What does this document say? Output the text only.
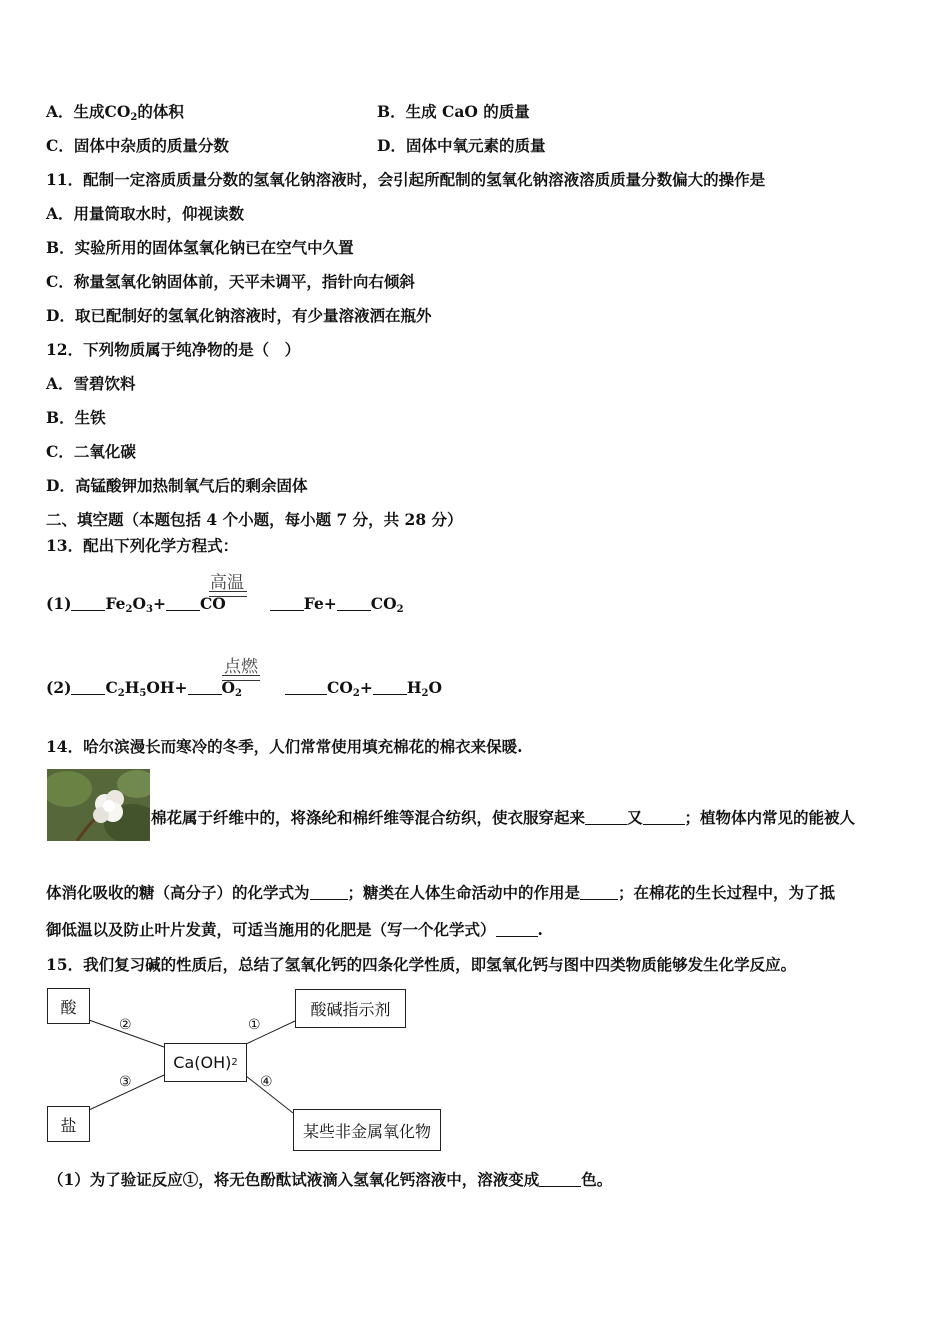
A．生成$CO_2$的体积	B．生成 CaO 的质量
C．固体中杂质的质量分数	D．固体中氧元素的质量
11．配制一定溶质质量分数的氢氧化钠溶液时，会引起所配制的氢氧化钠溶液溶质质量分数偏大的操作是
A．用量筒取水时，仰视读数
B．实验所用的固体氢氧化钠已在空气中久置
C．称量氢氧化钠固体前，天平未调平，指针向右倾斜
D．取已配制好的氢氧化钠溶液时，有少量溶液洒在瓶外
12．下列物质属于纯净物的是（　）
A．雪碧饮料
B．生铁
C．二氧化碳
D．高锰酸钾加热制氧气后的剩余固体
二、填空题（本题包括 4 个小题，每小题 7 分，共 28 分）
13．配出下列化学方程式：
高温
(1) $Fe_2O_3+$ CO	$Fe+ CO_2$
点燃
(2) $C_2H_5OH+ O_2$	$CO_2+ H_2O$
14．哈尔滨漫长而寒冷的冬季，人们常常使用填充棉花的棉衣来保暖.
棉花属于纤维中的，将涤纶和棉纤维等混合纺织，使衣服穿起来	又	；植物体内常见的能被人
体消化吸收的糖（高分子）的化学式为 ；糖类在人体生命活动中的作用是 ；在棉花的生长过程中，为了抵
御低温以及防止叶片发黄，可适当施用的化肥是（写一个化学式）	.
15．我们复习碱的性质后，总结了氢氧化钙的四条化学性质，即氢氧化钙与图中四类物质能够发生化学反应。
酸	酸碱指示剂
Ca(OH) 2
盐	某些非金属氧化物
②	①
③	④
（1）为了验证反应①，将无色酚酞试液滴入氢氧化钙溶液中，溶液变成	色。
